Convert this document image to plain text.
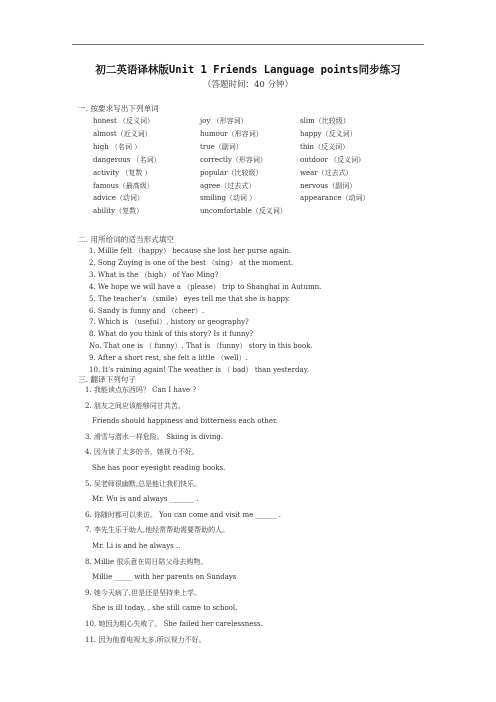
初二英语译林版Unit 1 Friends Language points同步练习
（答题时间：40 分钟）
一. 按要求写出下列单词
honest （反义词）	joy （形容词）	slim（比较级）
almost（近义词）	humour（形容词）	happy（反义词）
high （名词 ）	true（副词）	thin（反义词）
dangerous （名词）	correctly（形容词）	outdoor （反义词）
activity （复数 ）	popular（比较级）	wear（过去式）
famous（最高级）	agree（过去式）	nervous（副词）
advice（动词）	smiling（动词 ）	appearance（动词）
ability（复数）	uncomfortable（反义词）
二. 用所给词的适当形式填空
1. Millie felt （happy） because she lost her purse again.
2. Song Zuying is one of the best （sing） at the moment.
3. What is the （high） of Yao Ming?
4. We hope we will have a （please） trip to Shanghai in Autumn.
5. The teacher’s （smile） eyes tell me that she is happy.
6. Sandy is funny and （cheer）.
7. Which is （useful）, history or geography?
8. What do you think of this story? Is it funny?
No. That one is （ funny）. That is （funny） story in this book.
9. After a short rest, she felt a little （well）.
10. It’s raining again! The weather is （ bad） than yesterday.
三. 翻译下列句子
1. 我能读点东西吗？ Can I have ?
2. 朋友之间应该能够同甘共苦。
Friends should happiness and bitterness each other.
3. 滑雪与潜水一样危险。 Skiing is diving.
4. 因为读了太多的书，她视力不好。
She has poor eyesight reading books.
5. 吴老师很幽默,总是能让我们快乐。
Mr. Wu is and always _______ .
6. 你随时都可以来访。 You can come and visit me ______ .
7. 李先生乐于助人,他经常帮助需要帮助的人。
Mr. Li is and he always ..
8. Millie 很乐意在周日陪父母去购物。
Millie _____ with her parents on Sundays
9. 她今天病了,但是还是坚持来上学。
She is ill today. , she still came to school.
10. 她因为粗心失败了。 She failed her carelessness.
11. 因为他看电视太多,所以视力不好。
